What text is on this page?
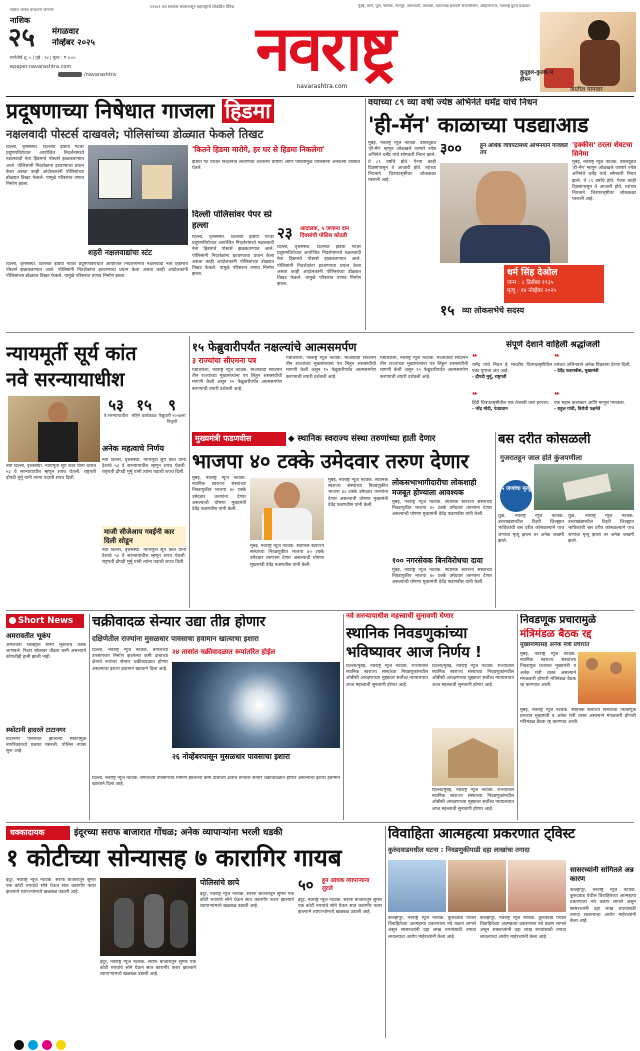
११९४९ च्या स्वातंत्र्य सालापासून महाराष्ट्राचे लोकप्रिय दैनिक	मुंबई, ठाणे, पुणे, नाशिक, नागपूर, अमरावती, अकोला, यवतमाळ छत्रपती संभाजीनगर, अहिल्यानगर, नवाराष्ट्र ग्रुपचे प्रकाशन
सर्वात जास्त वाचल्या जाणारे
नाशिक
२५	मंगळवार
नोव्हेंबर २०२५
मार्गशीर्ष शु. ५ | पृष्ठे : १४ | मूल्य : ₹ ४.००
epaper.navarashtra.com
/navarashtra	नवराष्ट्र
navarashtra.com
कुतूहल-कुतर्क में हीमन
आतील पानावर
प्रदूषणाच्या निषेधात गाजला हिडमा
नक्षलवादी पोस्टर्स दाखवले; पोलिसांच्या डोळ्यात फेकले तिखट
दिल्ली, वृत्तसंस्था. दिल्लीत इंडिया गेटवर प्रदूषणविरोधात आयोजित निदर्शनांमध्ये नक्षलवादी नेता हिडमाचे पोस्टर्स झळकवण्यात आले. पोलिसांनी निदर्शकांना हटवण्याचा प्रयत्न केला असता काही आंदोलकांनी पोलिसांच्या डोळ्यात तिखट फेकले. यामुळे परिसरात तणाव निर्माण झाला.
'कितने हिडमा मारोगे, हर घर से हिडमा निकलेगा'
इंडिया गेट येथील निदर्शनात लावण्यात आलेल्या घोषणा आणि पोस्टर्समुळे पोलिसांनी अनेकांना ताब्यात घेतले.
शहरी नक्षलवाद्यांचा स्टंट
दिल्ली, वृत्तसंस्था. दिल्लीत इंडिया गेटवर प्रदूषणविरोधात आयोजित निदर्शनांमध्ये नक्षलवादी नेता हिडमाचे पोस्टर्स झळकवण्यात आले. पोलिसांनी निदर्शकांना हटवण्याचा प्रयत्न केला असता काही आंदोलकांनी पोलिसांच्या डोळ्यात तिखट फेकले. यामुळे परिसरात तणाव निर्माण झाला.
दिल्ली पोलिसांवर पेपर स्प्रे हल्ला
दिल्ली, वृत्तसंस्था. दिल्लीत इंडिया गेटवर प्रदूषणविरोधात आयोजित निदर्शनांमध्ये नक्षलवादी नेता हिडमाचे पोस्टर्स झळकवण्यात आले. पोलिसांनी निदर्शकांना हटवण्याचा प्रयत्न केला असता काही आंदोलकांनी पोलिसांच्या डोळ्यात तिखट फेकले. यामुळे परिसरात तणाव निर्माण झाला.
२३	आंदोलक, ५ जणांना दोन दिवसांची पोलिस कोठडी
दिल्ली, वृत्तसंस्था. दिल्लीत इंडिया गेटवर प्रदूषणविरोधात आयोजित निदर्शनांमध्ये नक्षलवादी नेता हिडमाचे पोस्टर्स झळकवण्यात आले. पोलिसांनी निदर्शकांना हटवण्याचा प्रयत्न केला असता काही आंदोलकांनी पोलिसांच्या डोळ्यात तिखट फेकले. यामुळे परिसरात तणाव निर्माण झाला.
वयाच्या ८९ व्या वर्षी ज्येष्ठ अभिनेते धर्मेंद्र यांचे निधन
'ही-मॅन' काळाच्या पडद्याआड
३००	हून अधिक चित्रपटांमध्ये अभिनयाने गाजवले तप
मुंबई, नवराष्ट्र न्यूज नेटवर्क. बॉलिवूडचे 'ही-मॅन' म्हणून ओळखले जाणारे ज्येष्ठ अभिनेते धर्मेंद्र यांचे सोमवारी निधन झाले. ते ८९ वर्षांचे होते. गेल्या काही दिवसांपासून ते आजारी होते. त्यांच्या निधनाने चित्रपटसृष्टीवर शोककळा पसरली आहे.
'इक्कीस' ठरला शेवटचा सिनेमा
मुंबई, नवराष्ट्र न्यूज नेटवर्क. बॉलिवूडचे 'ही-मॅन' म्हणून ओळखले जाणारे ज्येष्ठ अभिनेते धर्मेंद्र यांचे सोमवारी निधन झाले. ते ८९ वर्षांचे होते. गेल्या काही दिवसांपासून ते आजारी होते. त्यांच्या निधनाने चित्रपटसृष्टीवर शोककळा पसरली आहे.
धर्म सिंह देओल
जन्म : ८ डिसेंबर १९३५
मृत्यू : २४ नोव्हेंबर २०२५
१५ व्या लोकसभेचे सदस्य
न्यायमूर्ती सूर्य कांत
नवे सरन्यायाधीश
५३
वे सरन्यायाधीश
१५
महिने कार्यकाळ
९
फेब्रुवारी २०२७ला निवृत्ती
अनेक महत्वाचे निर्णय
नवी दिल्ली, वृत्तसंस्था. न्यायमूर्ती सूर्य कांत यांनी देशाचे ५३ वे सरन्यायाधीश म्हणून शपथ घेतली. राष्ट्रपती द्रौपदी मुर्मू यांनी त्यांना पदाची शपथ दिली.
नवी दिल्ली, वृत्तसंस्था. न्यायमूर्ती सूर्य कांत यांनी देशाचे ५३ वे सरन्यायाधीश म्हणून शपथ घेतली. राष्ट्रपती द्रौपदी मुर्मू यांनी त्यांना पदाची शपथ दिली.
माजी सीजेआय गवईंनी कार दिली सोडून
नवी दिल्ली, वृत्तसंस्था. न्यायमूर्ती सूर्य कांत यांनी देशाचे ५३ वे सरन्यायाधीश म्हणून शपथ घेतली. राष्ट्रपती द्रौपदी मुर्मू यांनी त्यांना पदाची शपथ दिली.
१५ फेब्रुवारीपर्यंत नक्षल्यांचे आत्मसमर्पण
३ राज्यांचा सीएमना पत्र
गडचिरोली, नवराष्ट्र न्यूज नेटवर्क. माओवादी संघटनेने तीन राज्यांच्या मुख्यमंत्र्यांना पत्र लिहून शस्त्रसंधीची मागणी केली असून १५ फेब्रुवारीपर्यंत आत्मसमर्पण करण्याची तयारी दर्शवली आहे.
गडचिरोली, नवराष्ट्र न्यूज नेटवर्क. माओवादी संघटनेने तीन राज्यांच्या मुख्यमंत्र्यांना पत्र लिहून शस्त्रसंधीची मागणी केली असून १५ फेब्रुवारीपर्यंत आत्मसमर्पण करण्याची तयारी दर्शवली आहे.
गडचिरोली, नवराष्ट्र न्यूज नेटवर्क. माओवादी संघटनेने तीन राज्यांच्या मुख्यमंत्र्यांना पत्र लिहून शस्त्रसंधीची मागणी केली असून १५ फेब्रुवारीपर्यंत आत्मसमर्पण करण्याची तयारी दर्शवली आहे.
संपूर्ण देशाने वाहिली श्रद्धांजली
❝
धर्मेंद्र यांचे निधन हे भारतीय चित्रपटसृष्टीतील एका युगाचा अंत आहे.
- द्रौपदी मुर्मू, राष्ट्रपती
❝
त्यांच्या अभिनयाने अनेक पिढ्यांना प्रेरणा दिली.
- देवेंद्र फडणवीस, मुख्यमंत्री
❝
हिंदी चित्रपटसृष्टीतील एक तेजस्वी तारा हरपला.
- नरेंद्र मोदी, पंतप्रधान
❝
एक महान कलाकार आणि माणूस गमावला.
- राहुल गांधी, विरोधी पक्षनेते
मुख्यमंत्री फडणवीस	◆ स्थानिक स्वराज्य संस्था तरुणांच्या हाती देणार
भाजपा ४० टक्के उमेदवार तरुण देणार
मुंबई, नवराष्ट्र न्यूज नेटवर्क. स्थानिक स्वराज्य संस्थांच्या निवडणुकीत भाजपा ४० टक्के उमेदवार तरुणांना देणार असल्याची घोषणा मुख्यमंत्री देवेंद्र फडणवीस यांनी केली.
मुंबई, नवराष्ट्र न्यूज नेटवर्क. स्थानिक स्वराज्य संस्थांच्या निवडणुकीत भाजपा ४० टक्के उमेदवार तरुणांना देणार असल्याची घोषणा मुख्यमंत्री देवेंद्र फडणवीस यांनी केली.
मुंबई, नवराष्ट्र न्यूज नेटवर्क. स्थानिक स्वराज्य संस्थांच्या निवडणुकीत भाजपा ४० टक्के उमेदवार तरुणांना देणार असल्याची घोषणा मुख्यमंत्री देवेंद्र फडणवीस यांनी केली.
लोकसभाभागीदारीचा लोकशाही मजबूत होण्याला आवश्यक
मुंबई, नवराष्ट्र न्यूज नेटवर्क. स्थानिक स्वराज्य संस्थांच्या निवडणुकीत भाजपा ४० टक्के उमेदवार तरुणांना देणार असल्याची घोषणा मुख्यमंत्री देवेंद्र फडणवीस यांनी केली.
१०० नगरसेवक बिनविरोधचा दावा
मुंबई, नवराष्ट्र न्यूज नेटवर्क. स्थानिक स्वराज्य संस्थांच्या निवडणुकीत भाजपा ४० टक्के उमेदवार तरुणांना देणार असल्याची घोषणा मुख्यमंत्री देवेंद्र फडणवीस यांनी केली.
बस दरीत कोसळली
गुजरातहून जाल होते कुंजपणीला
५ जणांचा मृत्यू
धुळे, नवराष्ट्र न्यूज नेटवर्क. उत्तराखंडमधील टिहरी जिल्ह्यात भाविकांची बस दरीत कोसळल्याने पाच जणांचा मृत्यू झाला तर अनेक जखमी झाले.
धुळे, नवराष्ट्र न्यूज नेटवर्क. उत्तराखंडमधील टिहरी जिल्ह्यात भाविकांची बस दरीत कोसळल्याने पाच जणांचा मृत्यू झाला तर अनेक जखमी झाले.
Short News
अमरावतीत भूकंप
अमरावती जिल्ह्यात सौम्य भूकंपाचे धक्के जाणवले. रिश्टर स्केलवर तीव्रता कमी असल्याने कोणतीही हानी झाली नाही.
स्फोटानी हादरले टाटानगर
टाटानगर परिसरात झालेल्या स्फोटामुळे नागरिकांमध्ये घबराट पसरली. पोलिस तपास सुरू आहे.
चक्रीवादळ सेन्यार उद्या तीव्र होणार
दक्षिणेतील राज्यांना मुसळधार पावसाचा हवामान खात्याचा इशारा
दिल्ली, नवराष्ट्र न्यूज नेटवर्क. बंगालच्या उपसागरात निर्माण झालेल्या कमी दाबाच्या क्षेत्राचे रूपांतर सेन्यार चक्रीवादळात होणार असल्याचा इशारा हवामान खात्याने दिला आहे.
२४ तासांत चक्रीवादळात रूपांतरित होईल
२६ नोव्हेंबरपासून मुसळधार पावसाचा इशारा
दिल्ली, नवराष्ट्र न्यूज नेटवर्क. बंगालच्या उपसागरात निर्माण झालेल्या कमी दाबाच्या क्षेत्राचे रूपांतर सेन्यार चक्रीवादळात होणार असल्याचा इशारा हवामान खात्याने दिला आहे.
नवे सरन्यायाधीश महत्त्वाची सुनावणी घेणार
स्थानिक निवडणुकांच्या
भविष्यावर आज निर्णय !
दिल्ली/मुंबई, नवराष्ट्र न्यूज नेटवर्क. राज्यातील स्थानिक स्वराज्य संस्थांच्या निवडणुकांमधील ओबीसी आरक्षणाच्या मुद्द्यावर सर्वोच्च न्यायालयात आज महत्त्वाची सुनावणी होणार आहे.
दिल्ली/मुंबई, नवराष्ट्र न्यूज नेटवर्क. राज्यातील स्थानिक स्वराज्य संस्थांच्या निवडणुकांमधील ओबीसी आरक्षणाच्या मुद्द्यावर सर्वोच्च न्यायालयात आज महत्त्वाची सुनावणी होणार आहे.
दिल्ली/मुंबई, नवराष्ट्र न्यूज नेटवर्क. राज्यातील स्थानिक स्वराज्य संस्थांच्या निवडणुकांमधील ओबीसी आरक्षणाच्या मुद्द्यावर सर्वोच्च न्यायालयात आज महत्त्वाची सुनावणी होणार आहे.
निवडणूक प्रचारामुळे
मंत्रिमंडळ बैठक रद्द
मुख्यमंत्र्यांसह अनेक मंत्री प्रचारात
मुंबई, नवराष्ट्र न्यूज नेटवर्क. स्थानिक स्वराज्य संस्थांच्या निवडणूक प्रचारात मुख्यमंत्री व अनेक मंत्री व्यस्त असल्याने मंगळवारी होणारी मंत्रिमंडळ बैठक रद्द करण्यात आली.
मुंबई, नवराष्ट्र न्यूज नेटवर्क. स्थानिक स्वराज्य संस्थांच्या निवडणूक प्रचारात मुख्यमंत्री व अनेक मंत्री व्यस्त असल्याने मंगळवारी होणारी मंत्रिमंडळ बैठक रद्द करण्यात आली.
धक्कादायक	इंदूरच्या सराफ बाजारात गोंधळ; अनेक व्यापाऱ्यांना भरली धडकी
१ कोटीच्या सोन्यासह ७ कारागिर गायब
इंदूर, नवराष्ट्र न्यूज नेटवर्क. सराफ बाजारातून सुमारे एक कोटी रुपयांचे सोने घेऊन सात कारागीर फरार झाल्याने व्यापाऱ्यांमध्ये खळबळ उडाली आहे.
पोलिसांचे छापे
इंदूर, नवराष्ट्र न्यूज नेटवर्क. सराफ बाजारातून सुमारे एक कोटी रुपयांचे सोने घेऊन सात कारागीर फरार झाल्याने व्यापाऱ्यांमध्ये खळबळ उडाली आहे.
५०	हून अधिक व्यापाऱ्यांना लुटले
इंदूर, नवराष्ट्र न्यूज नेटवर्क. सराफ बाजारातून सुमारे एक कोटी रुपयांचे सोने घेऊन सात कारागीर फरार झाल्याने व्यापाऱ्यांमध्ये खळबळ उडाली आहे.
इंदूर, नवराष्ट्र न्यूज नेटवर्क. सराफ बाजारातून सुमारे एक कोटी रुपयांचे सोने घेऊन सात कारागीर फरार झाल्याने व्यापाऱ्यांमध्ये खळबळ उडाली आहे.
विवाहिता आत्महत्या प्रकरणात ट्विस्ट
कुरुंदवाडमधील घटना : निवडणुकीपाडी दहा लाखांचा तगादा
सासरच्यांनी सांगितले अन्न कारण
कोल्हापूर, नवराष्ट्र न्यूज नेटवर्क. कुरुंदवाड येथील विवाहितेच्या आत्महत्या प्रकरणाला नवे वळण लागले असून सासरच्यांनी दहा लाख रुपयांसाठी तगादा लावल्याचा आरोप माहेरच्यांनी केला आहे.
कोल्हापूर, नवराष्ट्र न्यूज नेटवर्क. कुरुंदवाड येथील विवाहितेच्या आत्महत्या प्रकरणाला नवे वळण लागले असून सासरच्यांनी दहा लाख रुपयांसाठी तगादा लावल्याचा आरोप माहेरच्यांनी केला आहे.
कोल्हापूर, नवराष्ट्र न्यूज नेटवर्क. कुरुंदवाड येथील विवाहितेच्या आत्महत्या प्रकरणाला नवे वळण लागले असून सासरच्यांनी दहा लाख रुपयांसाठी तगादा लावल्याचा आरोप माहेरच्यांनी केला आहे.
